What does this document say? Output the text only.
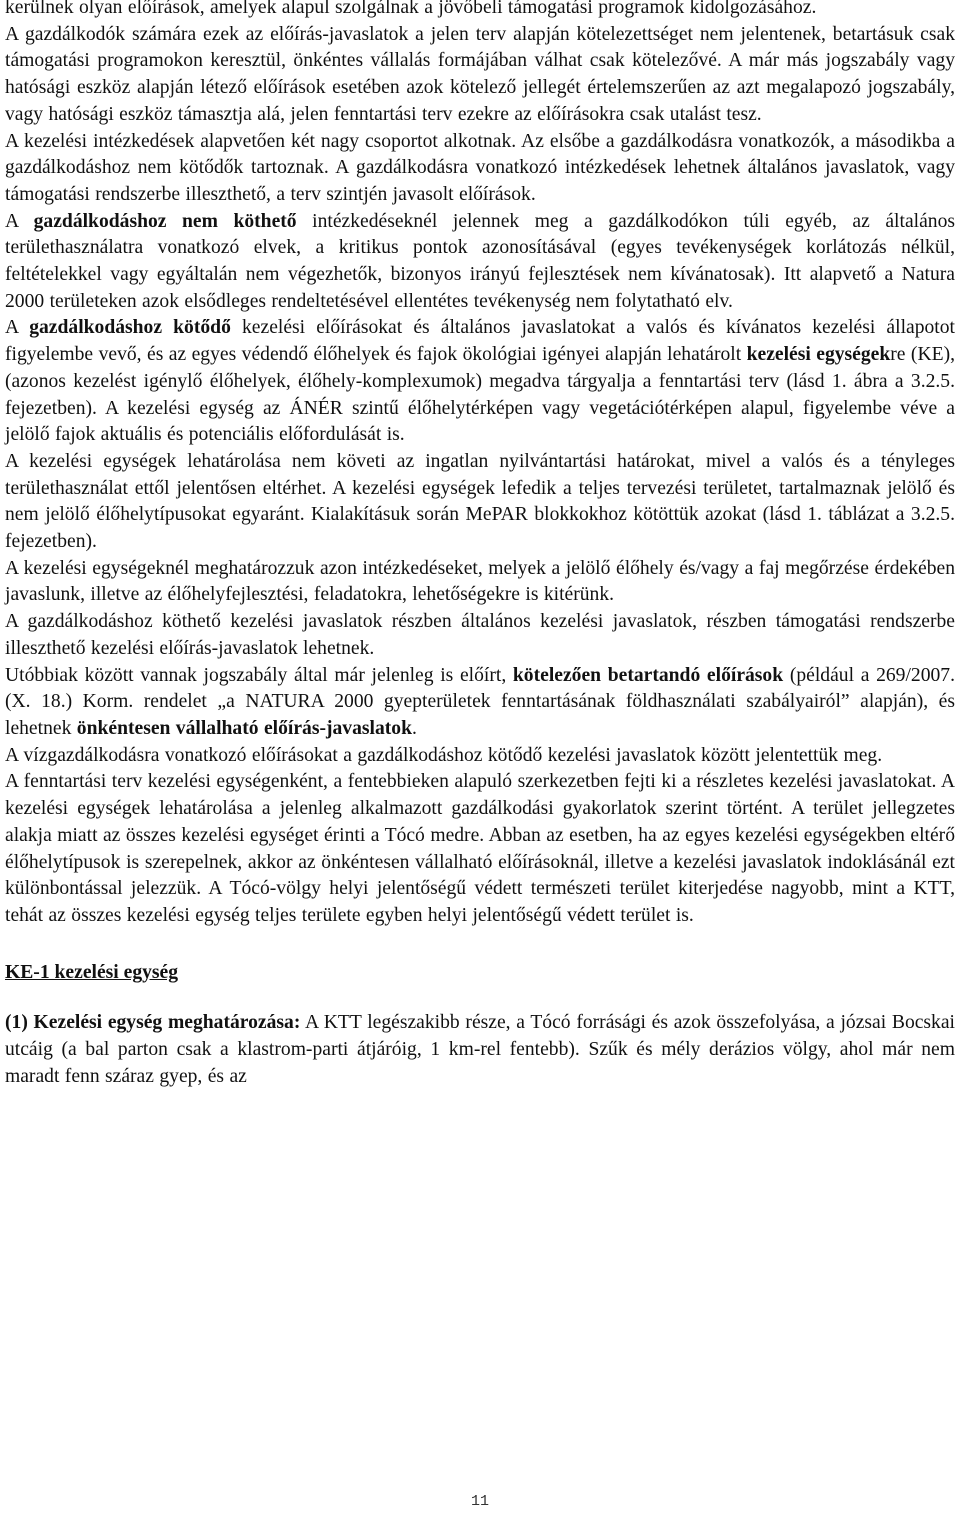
kerülnek olyan előírások, amelyek alapul szolgálnak a jövőbeli támogatási programok kidolgozásához.

A gazdálkodók számára ezek az előírás-javaslatok a jelen terv alapján kötelezettséget nem jelentenek, betartásuk csak támogatási programokon keresztül, önkéntes vállalás formájában válhat csak kötelezővé. A már más jogszabály vagy hatósági eszköz alapján létező előírások esetében azok kötelező jellegét értelemszerűen az azt megalapozó jogszabály, vagy hatósági eszköz támasztja alá, jelen fenntartási terv ezekre az előírásokra csak utalást tesz.

A kezelési intézkedések alapvetően két nagy csoportot alkotnak. Az elsőbe a gazdálkodásra vonatkozók, a másodikba a gazdálkodáshoz nem kötődők tartoznak. A gazdálkodásra vonatkozó intézkedések lehetnek általános javaslatok, vagy támogatási rendszerbe illeszthető, a terv szintjén javasolt előírások.

A gazdálkodáshoz nem köthető intézkedéseknél jelennek meg a gazdálkodókon túli egyéb, az általános területhasználatra vonatkozó elvek, a kritikus pontok azonosításával (egyes tevékenységek korlátozás nélkül, feltételekkel vagy egyáltalán nem végezhetők, bizonyos irányú fejlesztések nem kívánatosak). Itt alapvető a Natura 2000 területeken azok elsődleges rendeltetésével ellentétes tevékenység nem folytatható elv.

A gazdálkodáshoz kötődő kezelési előírásokat és általános javaslatokat a valós és kívánatos kezelési állapotot figyelembe vevő, és az egyes védendő élőhelyek és fajok ökológiai igényei alapján lehatárolt kezelési egységekre (KE), (azonos kezelést igénylő élőhelyek, élőhely-komplexumok) megadva tárgyalja a fenntartási terv (lásd 1. ábra a 3.2.5. fejezetben). A kezelési egység az ÁNÉR szintű élőhelytérképen vagy vegetációtérképen alapul, figyelembe véve a jelölő fajok aktuális és potenciális előfordulását is.

A kezelési egységek lehatárolása nem követi az ingatlan nyilvántartási határokat, mivel a valós és a tényleges területhasználat ettől jelentősen eltérhet. A kezelési egységek lefedik a teljes tervezési területet, tartalmaznak jelölő és nem jelölő élőhelytípusokat egyaránt. Kialakításuk során MePAR blokkokhoz kötöttük azokat (lásd 1. táblázat a 3.2.5. fejezetben).

A kezelési egységeknél meghatározzuk azon intézkedéseket, melyek a jelölő élőhely és/vagy a faj megőrzése érdekében javaslunk, illetve az élőhelyfejlesztési, feladatokra, lehetőségekre is kitérünk.

A gazdálkodáshoz köthető kezelési javaslatok részben általános kezelési javaslatok, részben támogatási rendszerbe illeszthető kezelési előírás-javaslatok lehetnek.

Utóbbiak között vannak jogszabály által már jelenleg is előírt, kötelezően betartandó előírások (például a 269/2007. (X. 18.) Korm. rendelet „a NATURA 2000 gyepterületek fenntartásának földhasználati szabályairól” alapján), és lehetnek önkéntesen vállalható előírás-javaslatok.

A vízgazdálkodásra vonatkozó előírásokat a gazdálkodáshoz kötődő kezelési javaslatok között jelentettük meg.

A fenntartási terv kezelési egységenként, a fentebbieken alapuló szerkezetben fejti ki a részletes kezelési javaslatokat. A kezelési egységek lehatárolása a jelenleg alkalmazott gazdálkodási gyakorlatok szerint történt. A terület jellegzetes alakja miatt az összes kezelési egységet érinti a Tócó medre. Abban az esetben, ha az egyes kezelési egységekben eltérő élőhelytípusok is szerepelnek, akkor az önkéntesen vállalható előírásoknál, illetve a kezelési javaslatok indoklásánál ezt különbontással jelezzük. A Tócó-völgy helyi jelentőségű védett természeti terület kiterjedése nagyobb, mint a KTT, tehát az összes kezelési egység teljes területe egyben helyi jelentőségű védett terület is.

KE-1 kezelési egység

(1) Kezelési egység meghatározása: A KTT legészakibb része, a Tócó forrásági és azok összefolyása, a józsai Bocskai utcáig (a bal parton csak a klastrom-parti átjáróig, 1 km-rel fentebb). Szűk és mély derázios völgy, ahol már nem maradt fenn száraz gyep, és az

11
